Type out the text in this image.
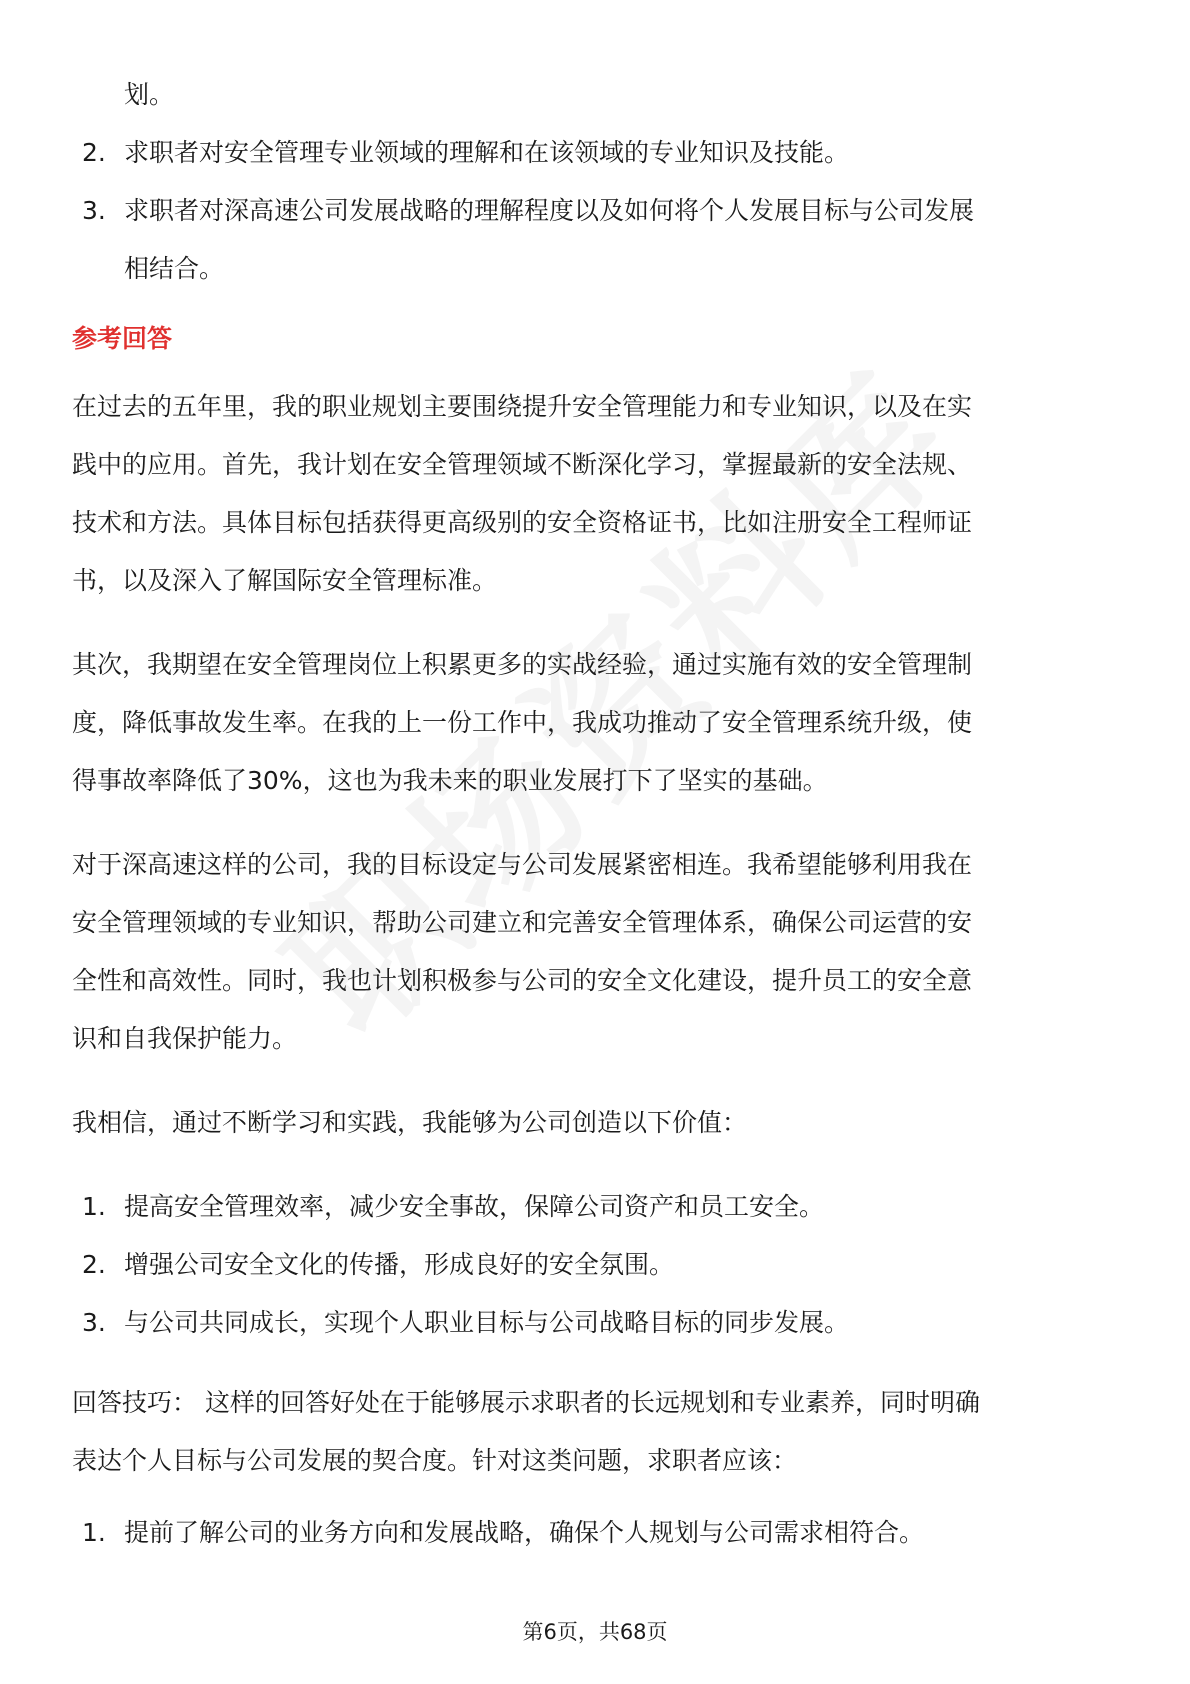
划。

2. 求职者对安全管理专业领域的理解和在该领域的专业知识及技能。
3. 求职者对深高速公司发展战略的理解程度以及如何将个人发展目标与公司发展
相结合。
参考回答

在过去的五年里，我的职业规划主要围绕提升安全管理能力和专业知识，以及在实

践中的应用。首先，我计划在安全管理领域不断深化学习，掌握最新的安全法规、

技术和方法。具体目标包括获得更高级别的安全资格证书，比如注册安全工程师证

书，以及深入了解国际安全管理标准。

其次，我期望在安全管理岗位上积累更多的实战经验，通过实施有效的安全管理制

度，降低事故发生率。在我的上一份工作中，我成功推动了安全管理系统升级，使

得事故率降低了30%，这也为我未来的职业发展打下了坚实的基础。

对于深高速这样的公司，我的目标设定与公司发展紧密相连。我希望能够利用我在

安全管理领域的专业知识，帮助公司建立和完善安全管理体系，确保公司运营的安

全性和高效性。同时，我也计划积极参与公司的安全文化建设，提升员工的安全意

识和自我保护能力。

我相信，通过不断学习和实践，我能够为公司创造以下价值：

1. 提高安全管理效率，减少安全事故，保障公司资产和员工安全。
2. 增强公司安全文化的传播，形成良好的安全氛围。
3. 与公司共同成长，实现个人职业目标与公司战略目标的同步发展。

回答技巧： 这样的回答好处在于能够展示求职者的长远规划和专业素养，同时明确

表达个人目标与公司发展的契合度。针对这类问题，求职者应该：

1. 提前了解公司的业务方向和发展战略，确保个人规划与公司需求相符合。
第6页，共68页
